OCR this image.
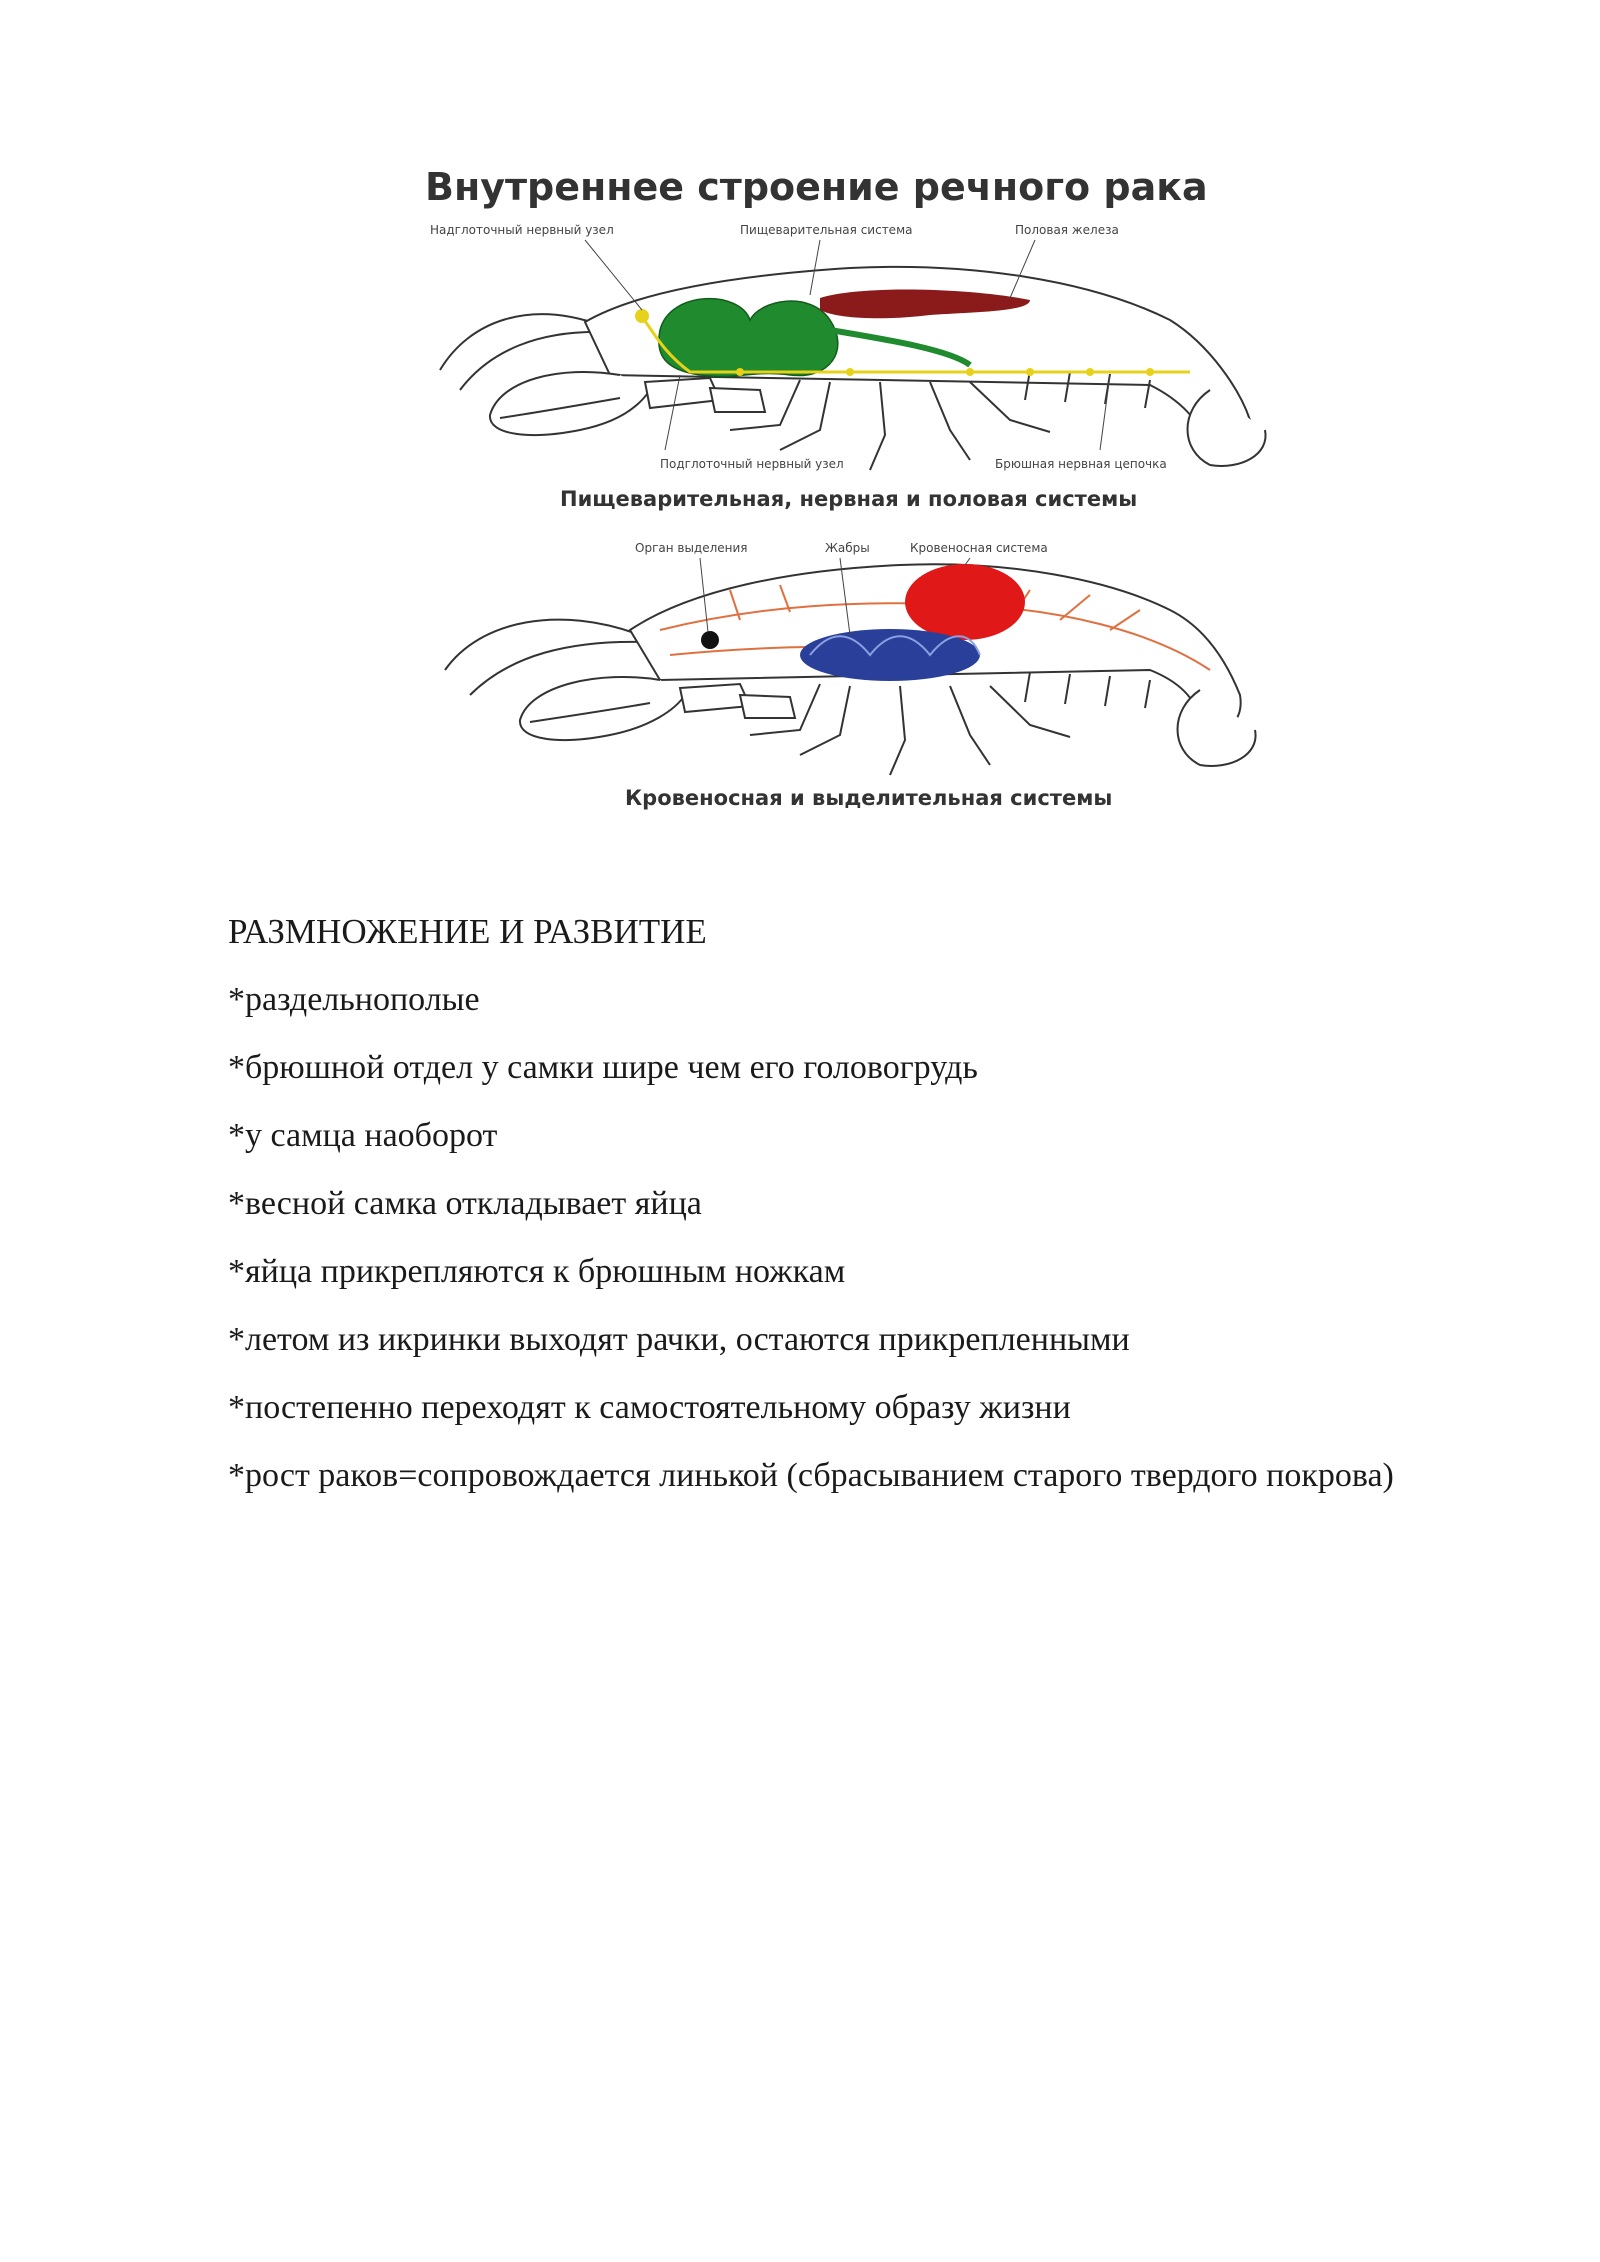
Внутреннее строение речного рака
Надглоточный нервный узел	Пищеварительная система	Половая железа
Подглоточный нервный узел	Брюшная нервная цепочка
Пищеварительная, нервная и половая системы
Орган выделения	Жабры	Кровеносная система
Кровеносная и выделительная системы

РАЗМНОЖЕНИЕ И РАЗВИТИЕ

*раздельнополые

*брюшной отдел у самки шире чем его головогрудь

*у самца наоборот

*весной самка откладывает яйца

*яйца прикрепляются к брюшным ножкам

*летом из икринки выходят рачки, остаются прикрепленными

*постепенно переходят к самостоятельному образу жизни

*рост раков=сопровождается линькой (сбрасыванием старого твердого покрова)
